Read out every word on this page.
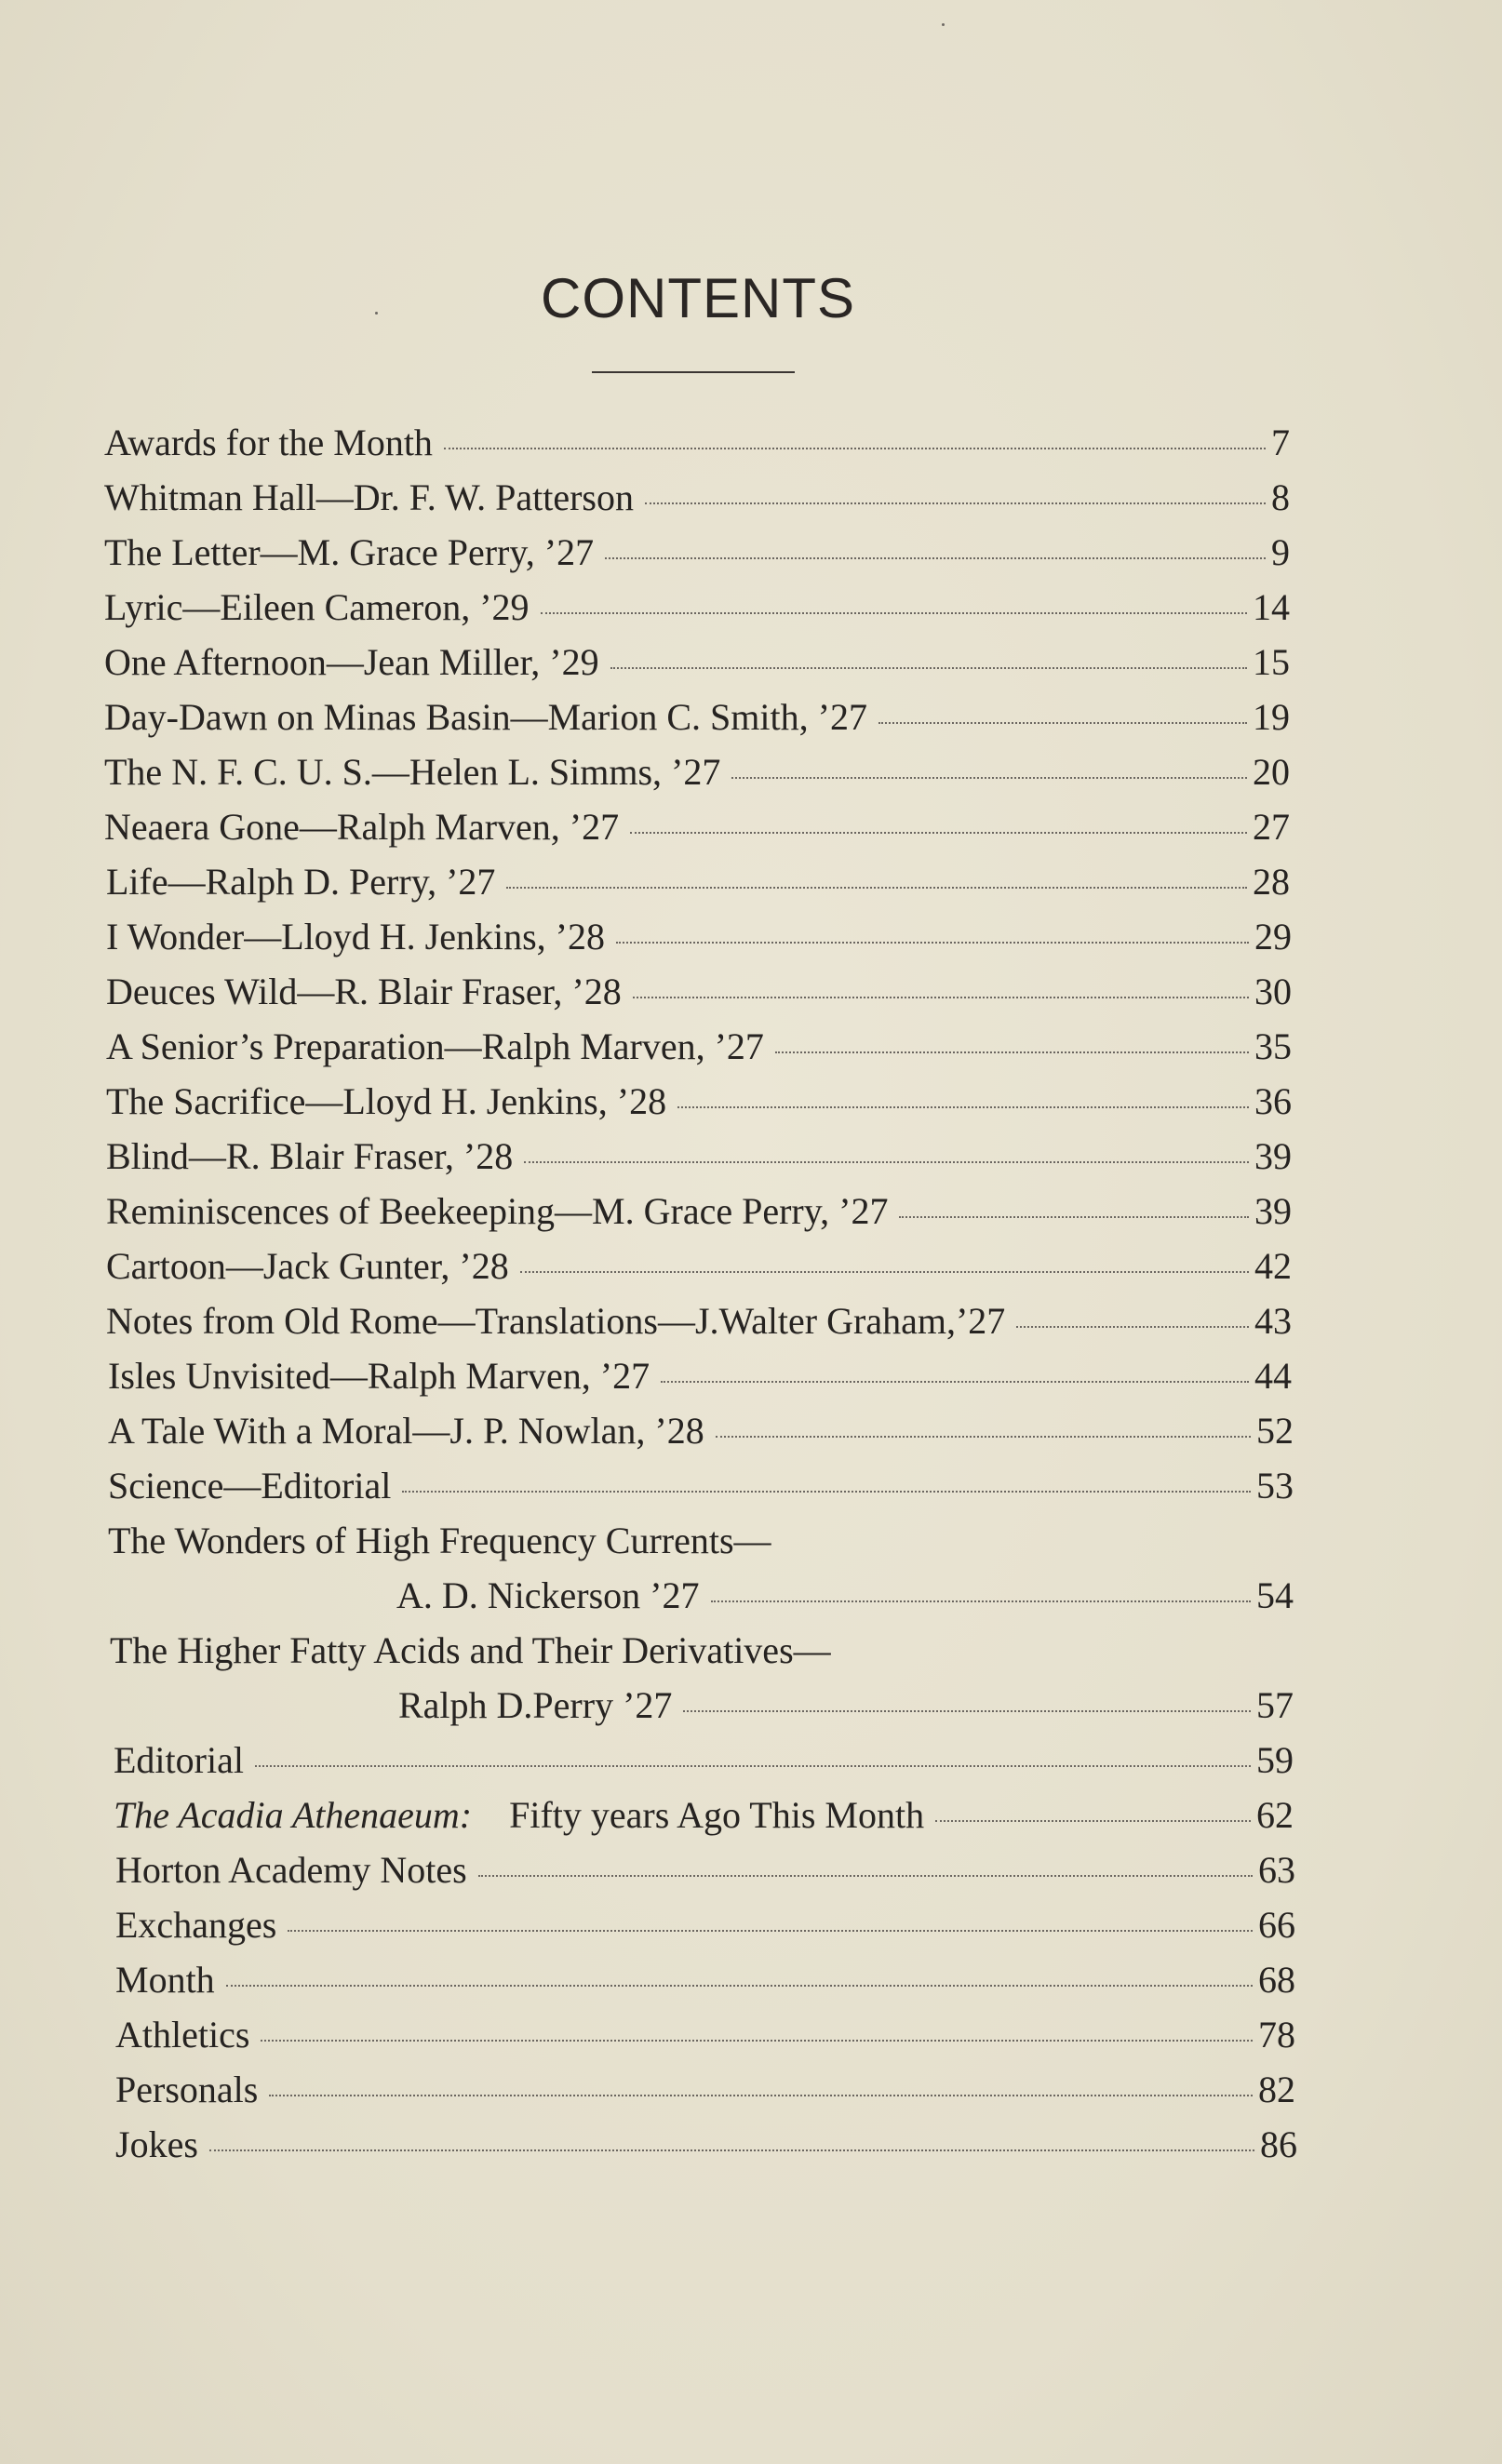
CONTENTS
Awards for the Month	7
Whitman Hall—Dr. F. W. Patterson	8
The Letter—M. Grace Perry, ’27	9
Lyric—Eileen Cameron, ’29	14
One Afternoon—Jean Miller, ’29	15
Day-Dawn on Minas Basin—Marion C. Smith, ’27	19
The N. F. C. U. S.—Helen L. Simms, ’27	20
Neaera Gone—Ralph Marven, ’27	27
Life—Ralph D. Perry, ’27	28
I Wonder—Lloyd H. Jenkins, ’28	29
Deuces Wild—R. Blair Fraser, ’28	30
A Senior’s Preparation—Ralph Marven, ’27	35
The Sacrifice—Lloyd H. Jenkins, ’28	36
Blind—R. Blair Fraser, ’28	39
Reminiscences of Beekeeping—M. Grace Perry, ’27	39
Cartoon—Jack Gunter, ’28	42
Notes from Old Rome—Translations—J.Walter Graham,’27	43
Isles Unvisited—Ralph Marven, ’27	44
A Tale With a Moral—J. P. Nowlan, ’28	52
Science—Editorial	53
The Wonders of High Frequency Currents—
A. D. Nickerson ’27	54
The Higher Fatty Acids and Their Derivatives—
Ralph D.Perry ’27	57
Editorial	59
The Acadia Athenaeum:   Fifty years Ago This Month	62
Horton Academy Notes	63
Exchanges	66
Month	68
Athletics	78
Personals	82
Jokes	86
